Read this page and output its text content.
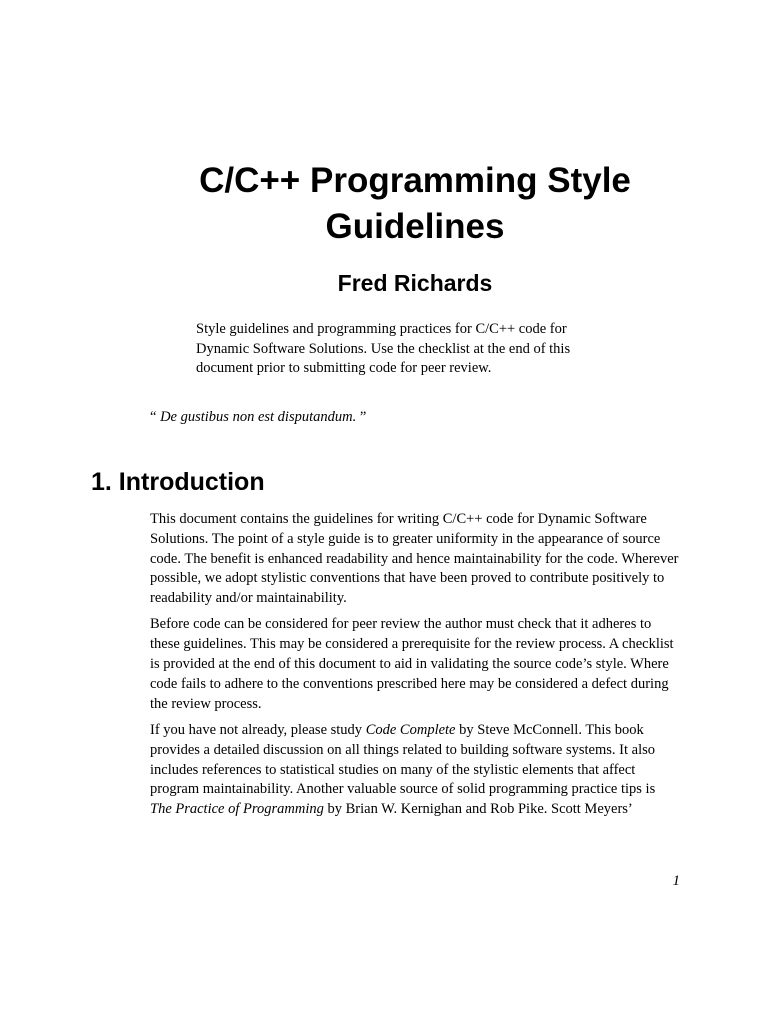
C/C++ Programming Style Guidelines
Fred Richards

Style guidelines and programming practices for C/C++ code for Dynamic Software Solutions. Use the checklist at the end of this document prior to submitting code for peer review.

“ De gustibus non est disputandum. ”

1. Introduction

This document contains the guidelines for writing C/C++ code for Dynamic Software Solutions. The point of a style guide is to greater uniformity in the appearance of source code. The benefit is enhanced readability and hence maintainability for the code. Wherever possible, we adopt stylistic conventions that have been proved to contribute positively to readability and/or maintainability.

Before code can be considered for peer review the author must check that it adheres to these guidelines. This may be considered a prerequisite for the review process. A checklist is provided at the end of this document to aid in validating the source code’s style. Where code fails to adhere to the conventions prescribed here may be considered a defect during the review process.

If you have not already, please study Code Complete by Steve McConnell. This book provides a detailed discussion on all things related to building software systems. It also includes references to statistical studies on many of the stylistic elements that affect program maintainability. Another valuable source of solid programming practice tips is The Practice of Programming by Brian W. Kernighan and Rob Pike. Scott Meyers’

1
